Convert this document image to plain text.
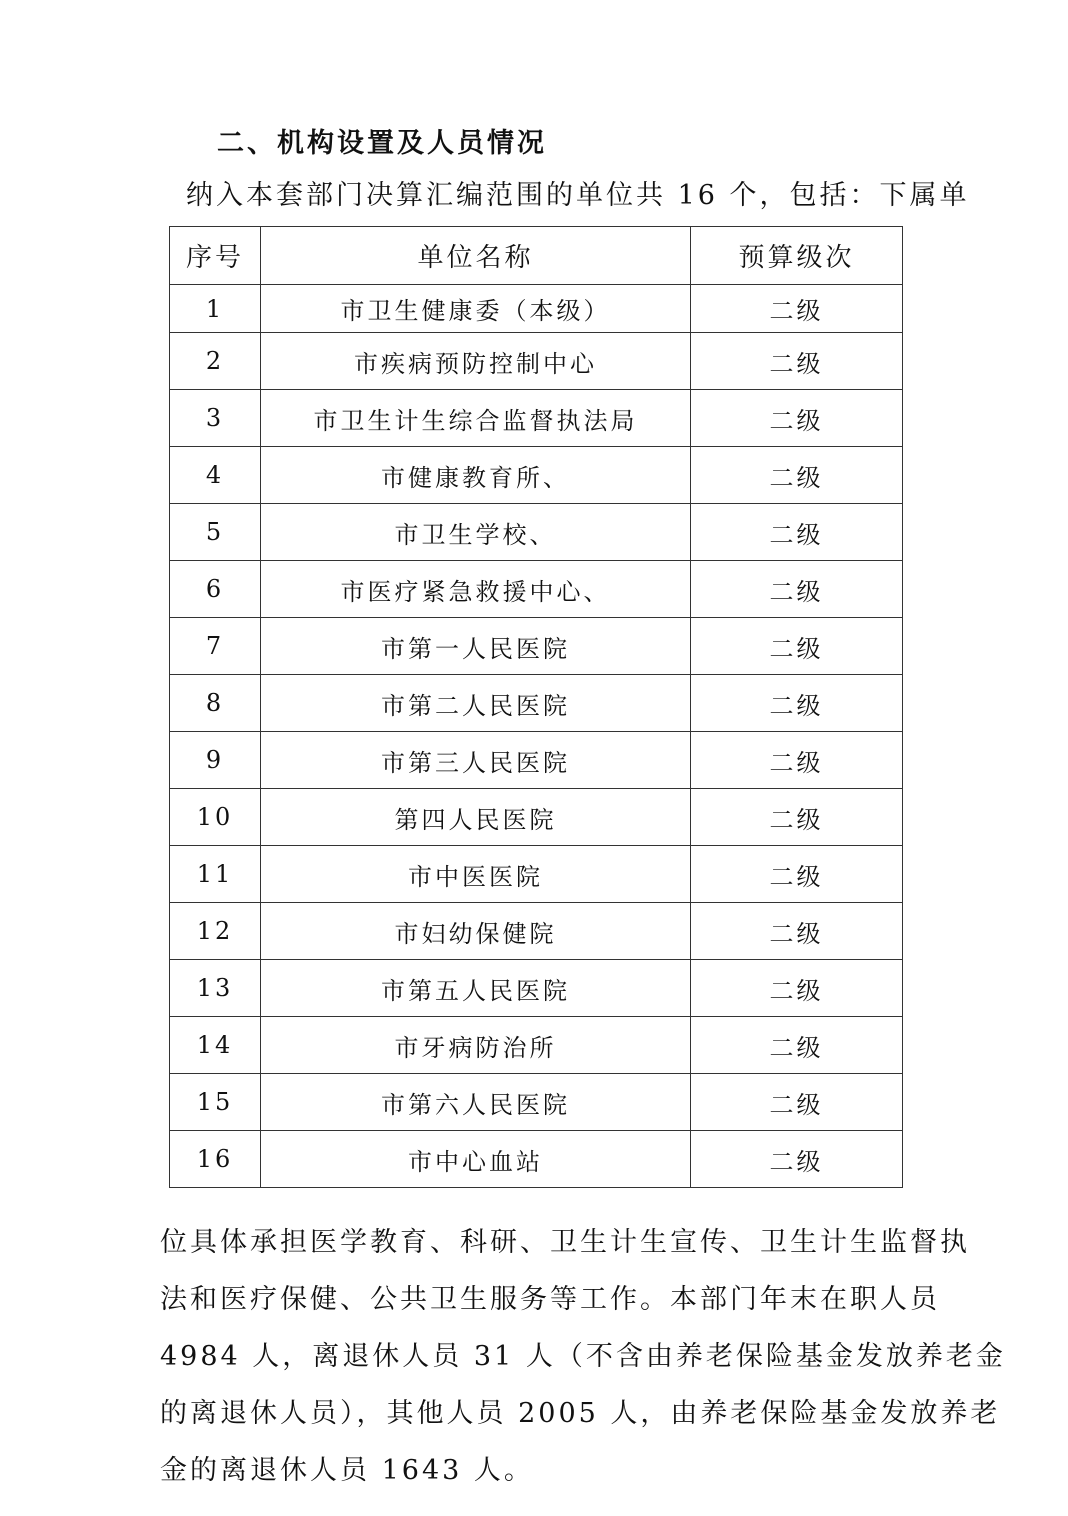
二、机构设置及人员情况

纳入本套部门决算汇编范围的单位共 16 个，包括：下属单

序号	单位名称	预算级次
1	市卫生健康委（本级）	二级
2	市疾病预防控制中心	二级
3	市卫生计生综合监督执法局	二级
4	市健康教育所、	二级
5	市卫生学校、	二级
6	市医疗紧急救援中心、	二级
7	市第一人民医院	二级
8	市第二人民医院	二级
9	市第三人民医院	二级
10	第四人民医院	二级
11	市中医医院	二级
12	市妇幼保健院	二级
13	市第五人民医院	二级
14	市牙病防治所	二级
15	市第六人民医院	二级
16	市中心血站	二级

位具体承担医学教育、科研、卫生计生宣传、卫生计生监督执
法和医疗保健、公共卫生服务等工作。本部门年末在职人员
4984 人，离退休人员 31 人（不含由养老保险基金发放养老金
的离退休人员），其他人员 2005 人，由养老保险基金发放养老
金的离退休人员 1643 人。
